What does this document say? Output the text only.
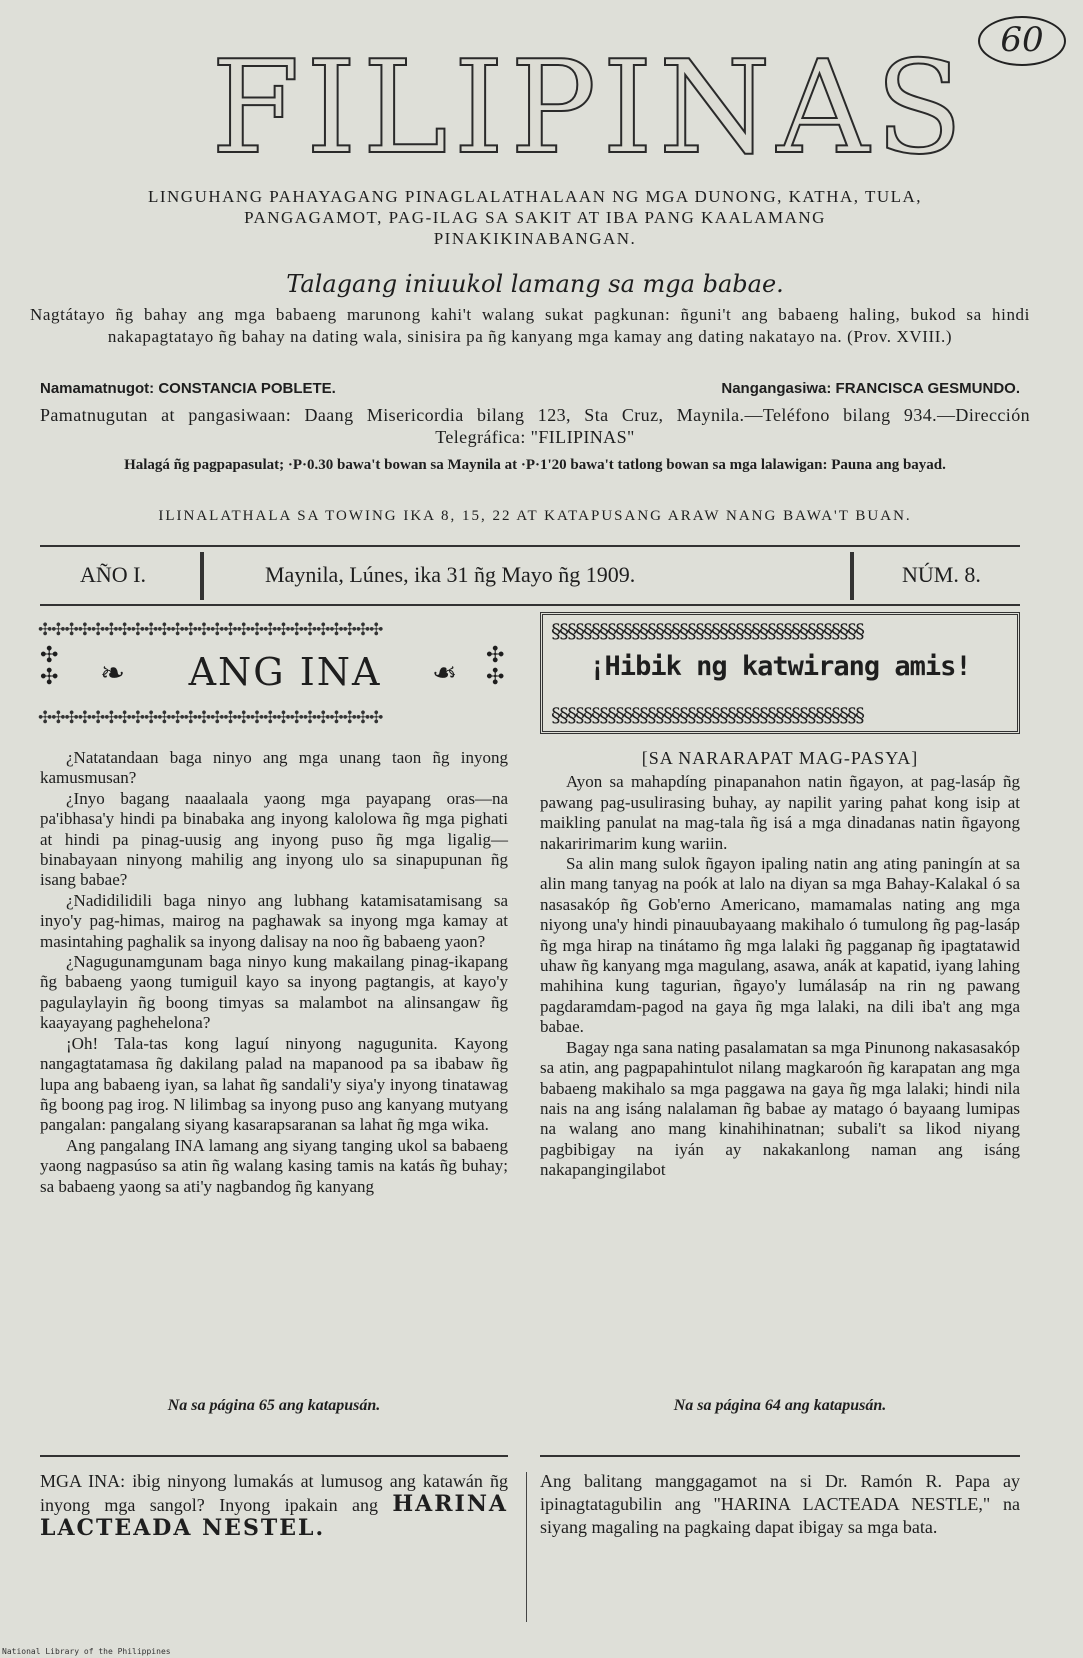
60
FILIPINAS
LINGUHANG PAHAYAGANG PINAGLALATHALAAN NG MGA DUNONG, KATHA, TULA,
PANGAGAMOT, PAG-ILAG SA SAKIT AT IBA PANG KAALAMANG
PINAKIKINABANGAN.
Talagang iniuukol lamang sa mga babae.
Nagtátayo ñg bahay ang mga babaeng marunong kahi't walang sukat pagkunan: ñguni't ang babaeng haling, bukod sa hindi nakapagtatayo ñg bahay na dating wala, sinisira pa ñg kanyang mga kamay ang dating nakatayo na. (Prov. XVIII.)
Namamatnugot: CONSTANCIA POBLETE.	Nangangasiwa: FRANCISCA GESMUNDO.
Pamatnugutan at pangasiwaan: Daang Misericordia bilang 123, Sta Cruz, Maynila.—Teléfono bilang 934.—Dirección Telegráfica: "FILIPINAS"
Halagá ñg pagpapasulat; ·P·0.30 bawa't bowan sa Maynila at ·P·1'20 bawa't tatlong bowan sa mga lalawigan: Pauna ang bayad.
ILINALATHALA SA TOWING IKA 8, 15, 22 AT KATAPUSANG ARAW NANG BAWA'T BUAN.
AÑO I.	Maynila, Lúnes, ika 31 ñg Mayo ñg 1909.	NÚM. 8.
✣✣✣✣✣✣✣✣✣✣✣✣✣✣✣✣✣✣✣✣✣✣✣✣✣✣
✣✣✣✣✣✣✣✣✣✣✣✣✣✣✣✣✣✣✣✣✣✣✣✣✣✣
✣
✣
✣
✣
❧	❧
ANG INA

¿Natatandaan baga ninyo ang mga unang taon ñg inyong kamusmusan?

¿Inyo bagang naaalaala yaong mga payapang oras—na pa'ibhasa'y hindi pa binabaka ang inyong kalolowa ñg mga pighati at hindi pa pinag-uusig ang inyong puso ñg mga ligalig—binabayaan ninyong mahilig ang inyong ulo sa sinapupunan ñg isang babae?

¿Nadidilidili baga ninyo ang lubhang katamisatamisang sa inyo'y pag-himas, mairog na paghawak sa inyong mga kamay at masintahing paghalik sa inyong dalisay na noo ñg babaeng yaon?

¿Nagugunamgunam baga ninyo kung makailang pinag-ikapang ñg babaeng yaong tumiguil kayo sa inyong pagtangis, at kayo'y pagulaylayin ñg boong timyas sa malambot na alinsangaw ñg kaayayang paghehelona?

¡Oh! Tala-tas kong laguí ninyong nagugunita. Kayong nangagtatamasa ñg dakilang palad na mapanood pa sa ibabaw ñg lupa ang babaeng iyan, sa lahat ñg sandali'y siya'y inyong tinatawag ñg boong pag irog. N lilimbag sa inyong puso ang kanyang mutyang pangalan: pangalang siyang kasarapsaranan sa lahat ñg mga wika.

Ang pangalang INA lamang ang siyang tanging ukol sa babaeng yaong nagpasúso sa atin ñg walang kasing tamis na katás ñg buhay; sa babaeng yaong sa ati'y nagbandog ñg kanyang

Na sa página 65 ang katapusán.
§§§§§§§§§§§§§§§§§§§§§§§§§§§§§§§§§§§§§§§
§§§§§§§§§§§§§§§§§§§§§§§§§§§§§§§§§§§§§§§
¡Hibik ng katwirang amis!
[SA NARARAPAT MAG-PASYA]

Ayon sa mahapdíng pinapanahon natin ñgayon, at pag-lasáp ñg pawang pag-usulirasing buhay, ay napilit yaring pahat kong isip at maikling panulat na mag-tala ñg isá a mga dinadanas natin ñgayong nakaririmarim kung wariin.

Sa alin mang sulok ñgayon ipaling natin ang ating paningín at sa alin mang tanyag na poók at lalo na diyan sa mga Bahay-Kalakal ó sa nasasakóp ñg Gob'erno Americano, mamamalas nating ang mga niyong una'y hindi pinauubayaang makihalo ó tumulong ñg pag-lasáp ñg mga hirap na tinátamo ñg mga lalaki ñg pagganap ñg ipagtatawid uhaw ñg kanyang mga magulang, asawa, anák at kapatid, iyang lahing mahihina kung tagurian, ñgayo'y lumálasáp na rin ng pawang pagdaramdam-pagod na gaya ñg mga lalaki, na dili iba't ang mga babae.

Bagay nga sana nating pasalamatan sa mga Pinunong nakasasakóp sa atin, ang pagpapahintulot nilang magkaroón ñg karapatan ang mga babaeng makihalo sa mga paggawa na gaya ñg mga lalaki; hindi nila nais na ang isáng nalalaman ñg babae ay matago ó bayaang lumipas na walang ano mang kinahihinatnan; subali't sa likod niyang pagbibigay na iyán ay nakakanlong naman ang isáng nakapangingilabot

Na sa página 64 ang katapusán.
MGA INA: ibig ninyong lumakás at lumusog ang katawán ñg inyong mga sangol? Inyong ipakain ang HARINA LACTEADA NESTEL.
Ang balitang manggagamot na si Dr. Ramón R. Papa ay ipinagtatagubilin ang "HARINA LACTEADA NESTLE," na siyang magaling na pagkaing dapat ibigay sa mga bata.
National Library of the Philippines
